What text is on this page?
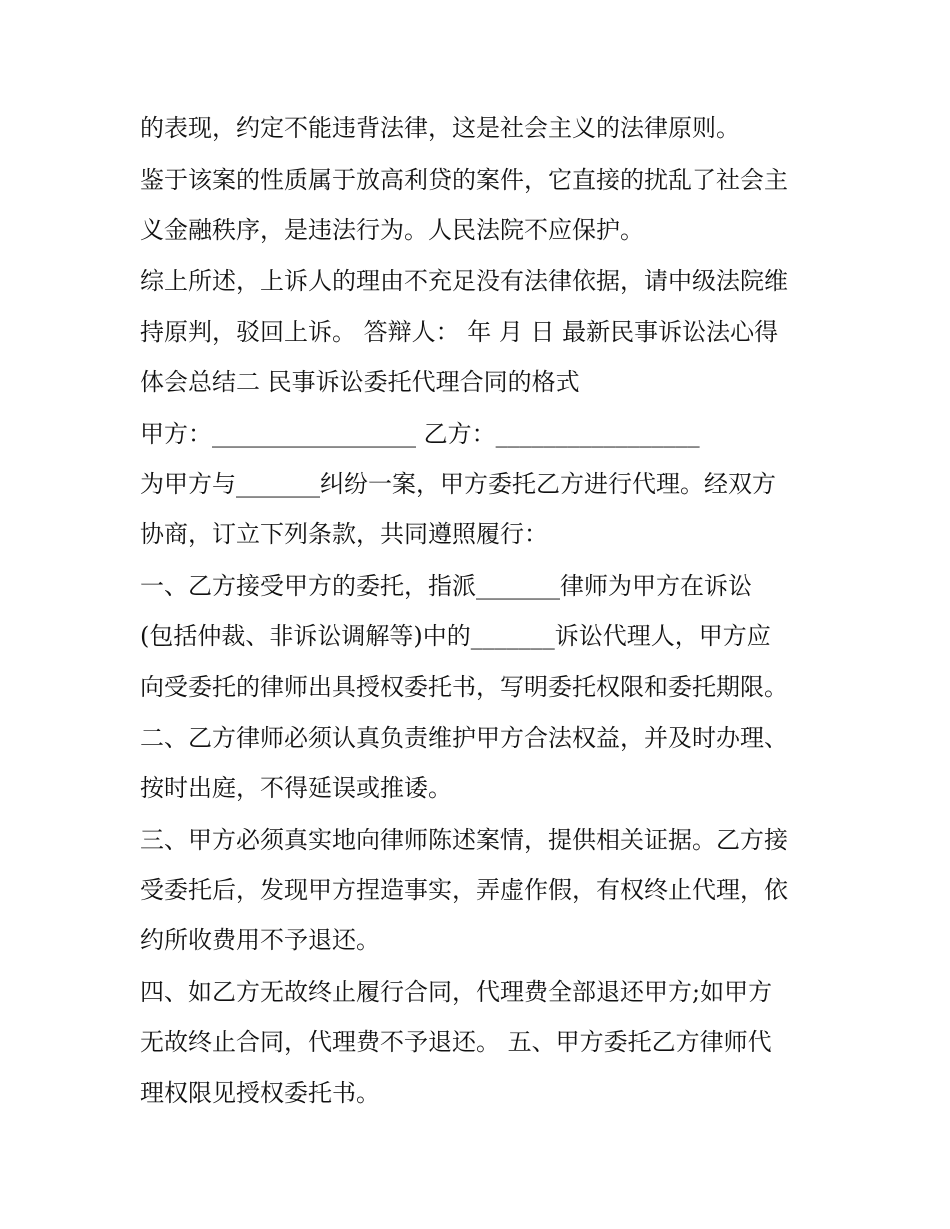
的表现，约定不能违背法律，这是社会主义的法律原则。
鉴于该案的性质属于放高利贷的案件，它直接的扰乱了社会主
义金融秩序，是违法行为。人民法院不应保护。
综上所述，上诉人的理由不充足没有法律依据，请中级法院维
持原判，驳回上诉。 答辩人： 年 月 日 最新民事诉讼法心得
体会总结二 民事诉讼委托代理合同的格式
甲方：_________________ 乙方：_________________
为甲方与_______纠纷一案，甲方委托乙方进行代理。经双方
协商，订立下列条款，共同遵照履行：
一、乙方接受甲方的委托，指派_______律师为甲方在诉讼
(包括仲裁、非诉讼调解等)中的_______诉讼代理人，甲方应
向受委托的律师出具授权委托书，写明委托权限和委托期限。
二、乙方律师必须认真负责维护甲方合法权益，并及时办理、
按时出庭，不得延误或推诿。
三、甲方必须真实地向律师陈述案情，提供相关证据。乙方接
受委托后，发现甲方捏造事实，弄虚作假，有权终止代理，依
约所收费用不予退还。
四、如乙方无故终止履行合同，代理费全部退还甲方;如甲方
无故终止合同，代理费不予退还。 五、甲方委托乙方律师代
理权限见授权委托书。
